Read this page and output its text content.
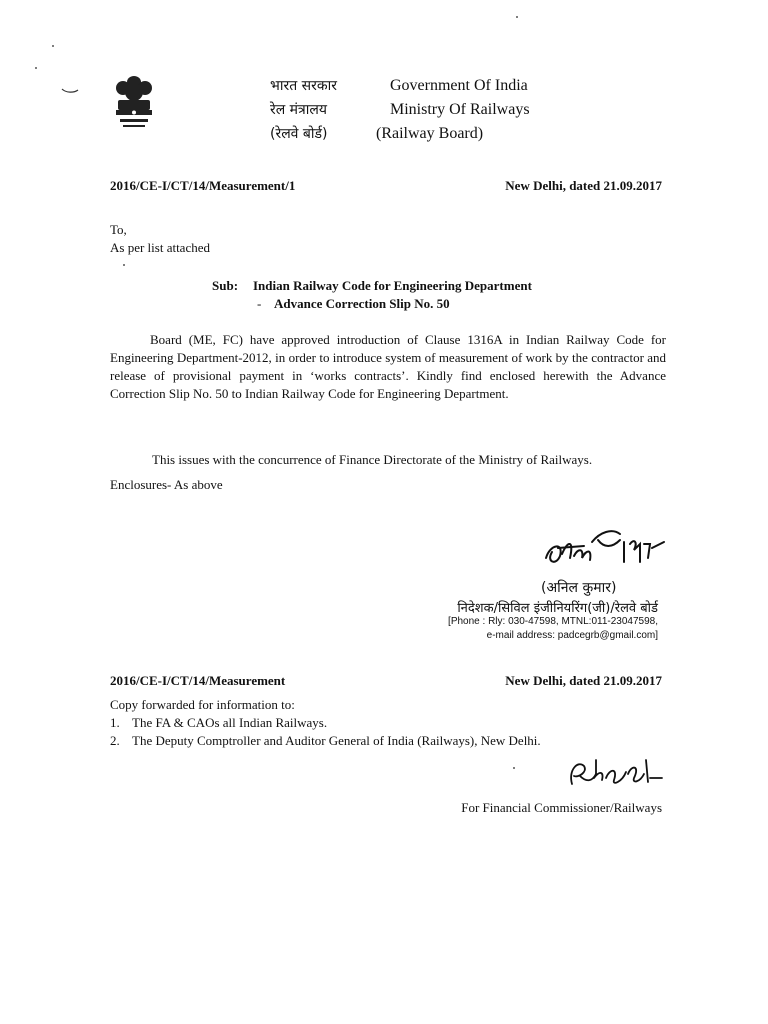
भारत सरकार	Government Of India
रेल मंत्रालय	Ministry Of Railways
(रेलवे बोर्ड)	(Railway Board)
2016/CE-I/CT/14/Measurement/1	New Delhi, dated 21.09.2017
To,
As per list attached
Sub: Indian Railway Code for Engineering Department
- Advance Correction Slip No. 50
Board (ME, FC) have approved introduction of Clause 1316A in Indian Railway Code for Engineering Department-2012, in order to introduce system of measurement of work by the contractor and release of provisional payment in ‘works contracts’. Kindly find enclosed herewith the Advance Correction Slip No. 50 to Indian Railway Code for Engineering Department.
This issues with the concurrence of Finance Directorate of the Ministry of Railways.
Enclosures- As above
(अनिल कुमार)
निदेशक/सिविल इंजीनियरिंग(जी)/रेलवे बोर्ड
[Phone : Rly: 030-47598, MTNL:011-23047598,
e-mail address: padcegrb@gmail.com]
2016/CE-I/CT/14/Measurement	New Delhi, dated 21.09.2017
Copy forwarded for information to:
1. The FA & CAOs all Indian Railways.
2. The Deputy Comptroller and Auditor General of India (Railways), New Delhi.
For Financial Commissioner/Railways
